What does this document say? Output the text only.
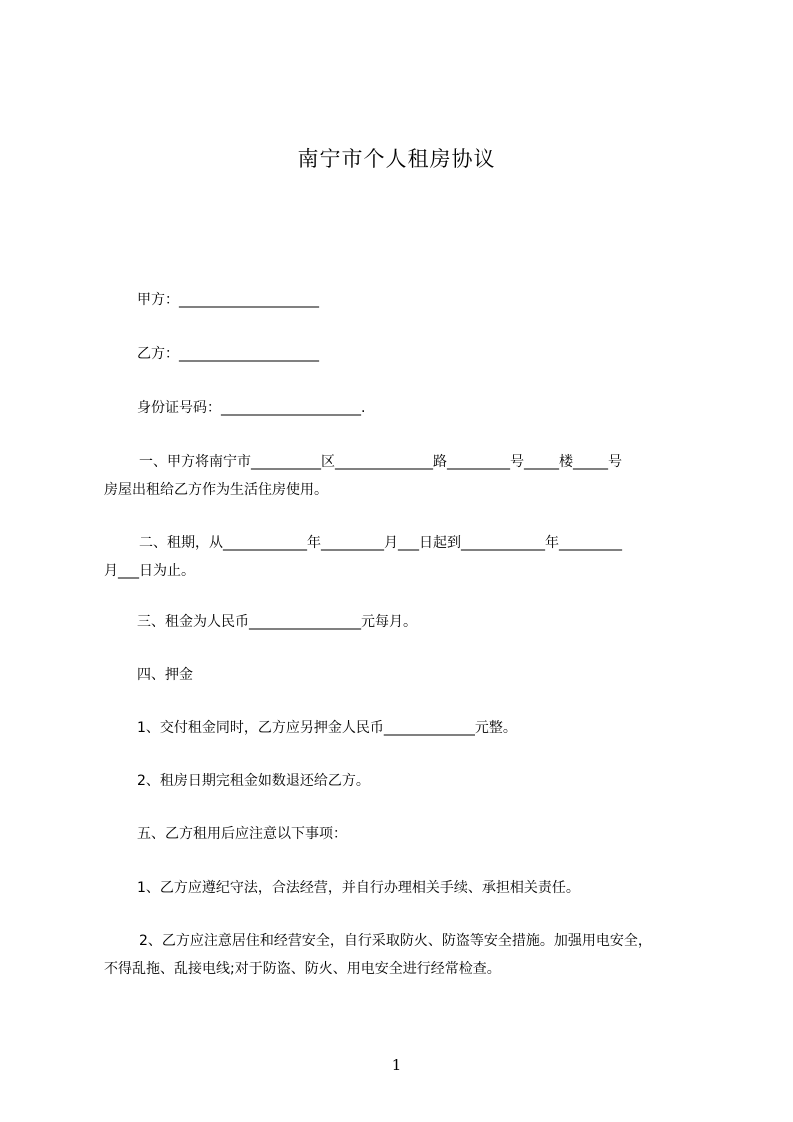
南宁市个人租房协议
甲方：____________________
乙方：____________________
身份证号码：____________________.
一、甲方将南宁市__________区______________路_________号_____楼_____号
房屋出租给乙方作为生活住房使用。
二、租期，从____________年_________月___日起到____________年_________
月___日为止。
三、租金为人民币________________元每月。
四、押金
1、交付租金同时，乙方应另押金人民币_____________元整。
2、租房日期完租金如数退还给乙方。
五、乙方租用后应注意以下事项：
1、乙方应遵纪守法，合法经营，并自行办理相关手续、承担相关责任。
2、乙方应注意居住和经营安全，自行采取防火、防盗等安全措施。加强用电安全，
不得乱拖、乱接电线;对于防盗、防火、用电安全进行经常检查。
1
